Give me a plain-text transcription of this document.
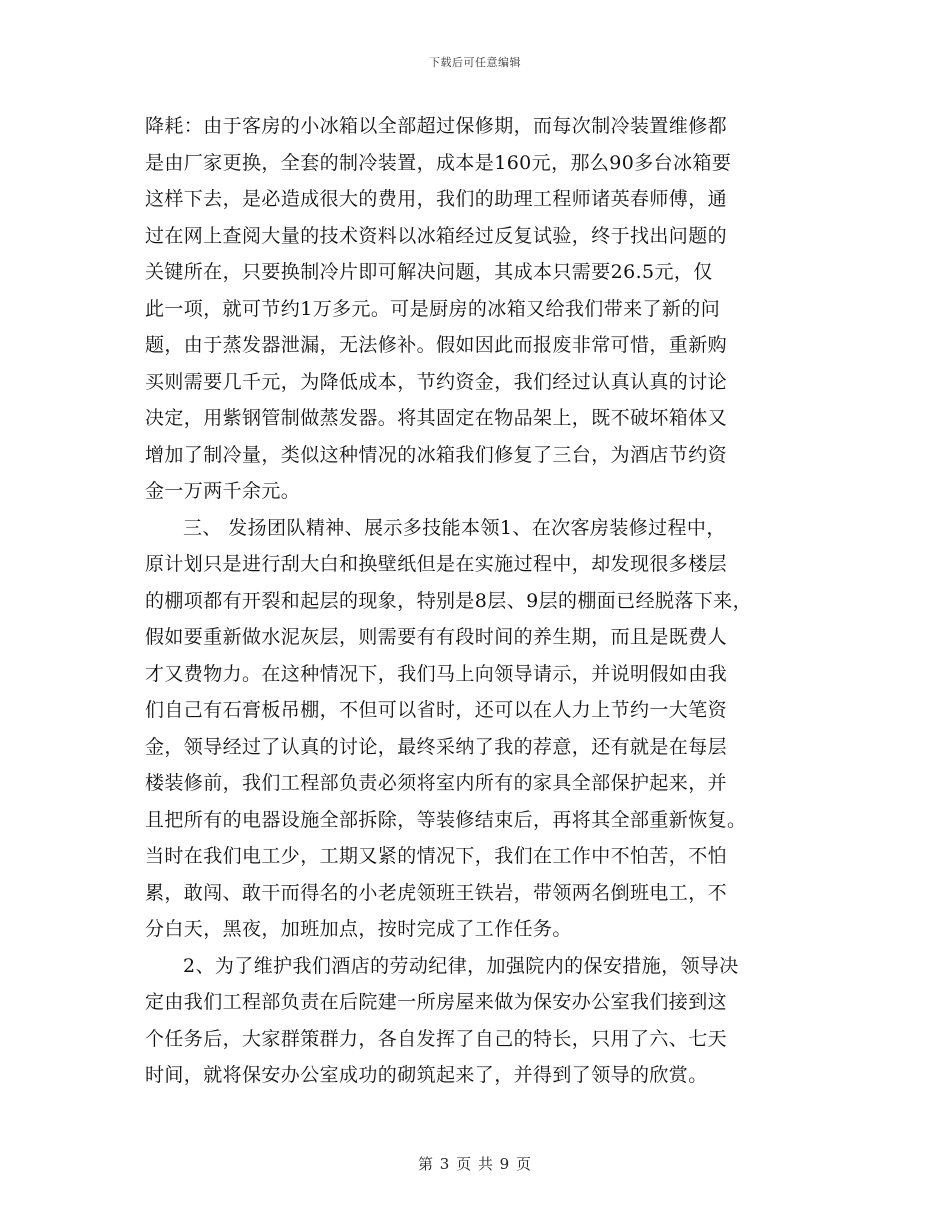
下载后可任意编辑
降耗：由于客房的小冰箱以全部超过保修期，而每次制冷装置维修都
是由厂家更换，全套的制冷装置，成本是160元，那么90多台冰箱要
这样下去，是必造成很大的费用，我们的助理工程师诸英春师傅，通
过在网上查阅大量的技术资料以冰箱经过反复试验，终于找出问题的
关键所在，只要换制冷片即可解决问题，其成本只需要26.5元，仅
此一项，就可节约1万多元。可是厨房的冰箱又给我们带来了新的问
题，由于蒸发器泄漏，无法修补。假如因此而报废非常可惜，重新购
买则需要几千元，为降低成本，节约资金，我们经过认真认真的讨论
决定，用紫钢管制做蒸发器。将其固定在物品架上，既不破坏箱体又
增加了制冷量，类似这种情况的冰箱我们修复了三台，为酒店节约资
金一万两千余元。
三、 发扬团队精神、展示多技能本领1、在次客房装修过程中，
原计划只是进行刮大白和换壁纸但是在实施过程中，却发现很多楼层
的棚项都有开裂和起层的现象，特别是8层、9层的棚面已经脱落下来，
假如要重新做水泥灰层，则需要有有段时间的养生期，而且是既费人
才又费物力。在这种情况下，我们马上向领导请示，并说明假如由我
们自己有石膏板吊棚，不但可以省时，还可以在人力上节约一大笔资
金，领导经过了认真的讨论，最终采纳了我的荐意，还有就是在每层
楼装修前，我们工程部负责必须将室内所有的家具全部保护起来，并
且把所有的电器设施全部拆除，等装修结束后，再将其全部重新恢复。
当时在我们电工少，工期又紧的情况下，我们在工作中不怕苦，不怕
累，敢闯、敢干而得名的小老虎领班王铁岩，带领两名倒班电工，不
分白天，黑夜，加班加点，按时完成了工作任务。
2、为了维护我们酒店的劳动纪律，加强院内的保安措施，领导决
定由我们工程部负责在后院建一所房屋来做为保安办公室我们接到这
个任务后，大家群策群力，各自发挥了自己的特长，只用了六、七天
时间，就将保安办公室成功的砌筑起来了，并得到了领导的欣赏。
第 3 页 共 9 页
